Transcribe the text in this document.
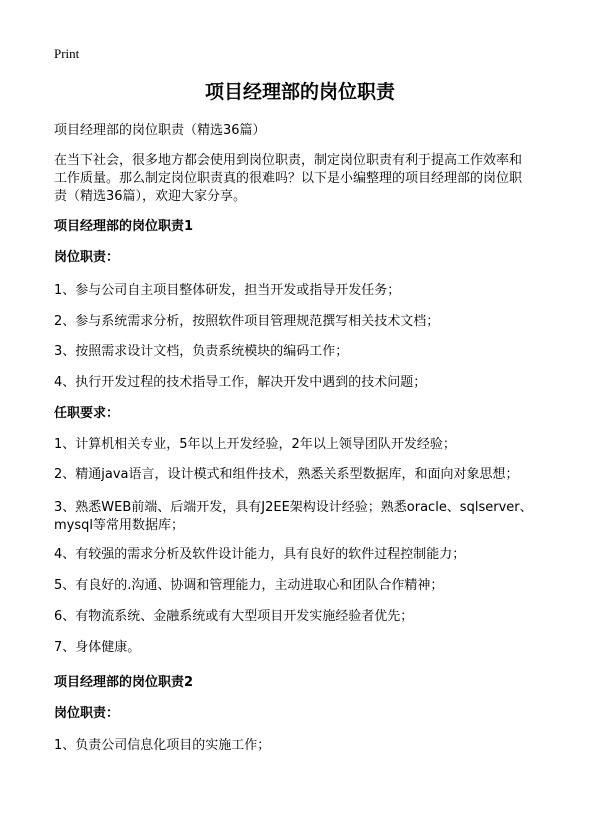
Print
项目经理部的岗位职责
项目经理部的岗位职责（精选36篇）
在当下社会，很多地方都会使用到岗位职责，制定岗位职责有利于提高工作效率和
工作质量。那么制定岗位职责真的很难吗？以下是小编整理的项目经理部的岗位职
责（精选36篇），欢迎大家分享。
项目经理部的岗位职责1
岗位职责：
1、参与公司自主项目整体研发，担当开发或指导开发任务；
2、参与系统需求分析，按照软件项目管理规范撰写相关技术文档；
3、按照需求设计文档，负责系统模块的编码工作；
4、执行开发过程的技术指导工作，解决开发中遇到的技术问题；
任职要求：
1、计算机相关专业，5年以上开发经验，2年以上领导团队开发经验；
2、精通java语言，设计模式和组件技术，熟悉关系型数据库，和面向对象思想；
3、熟悉WEB前端、后端开发，具有J2EE架构设计经验；熟悉oracle、sqlserver、
mysql等常用数据库；
4、有较强的需求分析及软件设计能力，具有良好的软件过程控制能力；
5、有良好的.沟通、协调和管理能力，主动进取心和团队合作精神；
6、有物流系统、金融系统或有大型项目开发实施经验者优先；
7、身体健康。
项目经理部的岗位职责2
岗位职责：
1、负责公司信息化项目的实施工作；
